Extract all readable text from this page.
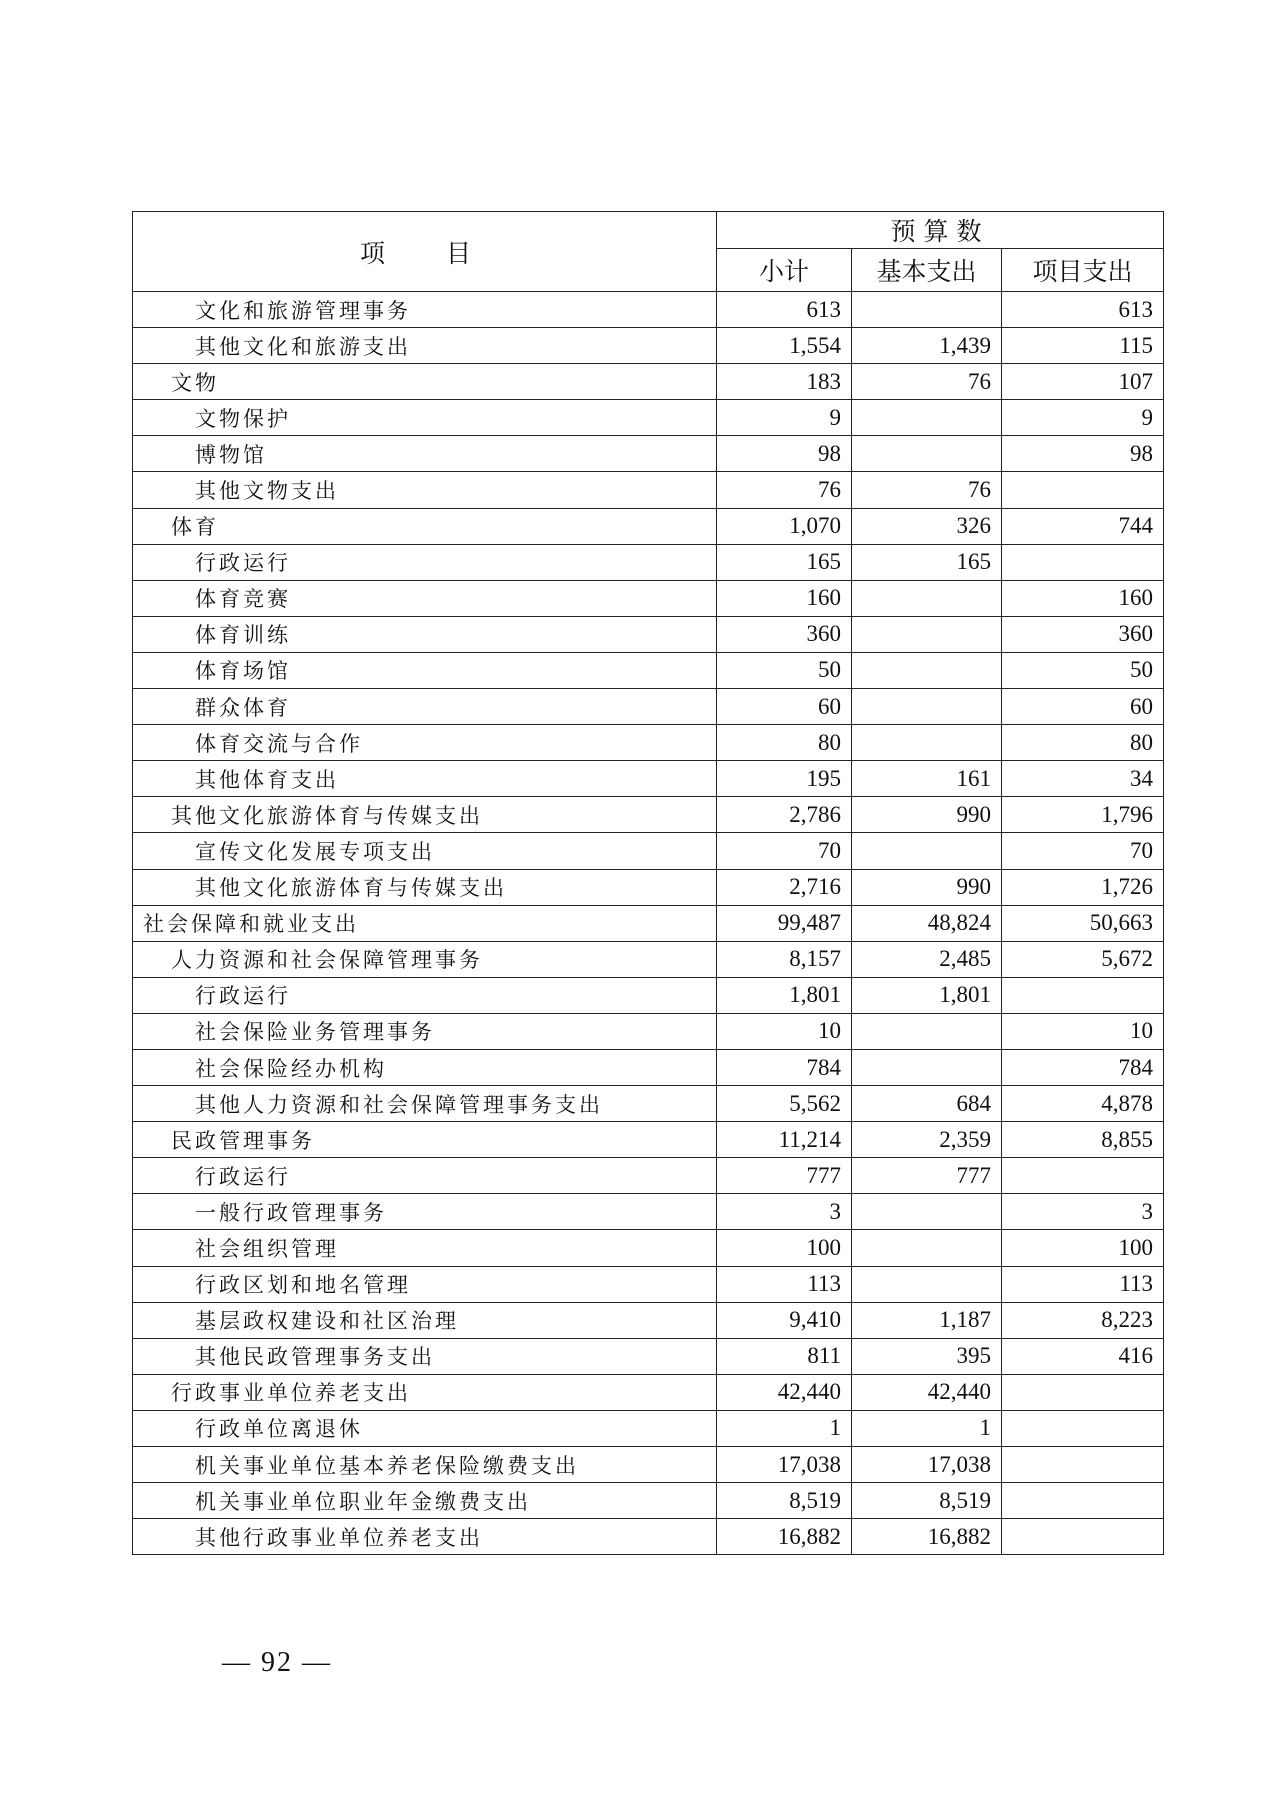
项　目	预算数		
	小计	基本支出	项目支出
文化和旅游管理事务	613		613
其他文化和旅游支出	1,554	1,439	115
文物	183	76	107
文物保护	9		9
博物馆	98		98
其他文物支出	76	76	
体育	1,070	326	744
行政运行	165	165	
体育竞赛	160		160
体育训练	360		360
体育场馆	50		50
群众体育	60		60
体育交流与合作	80		80
其他体育支出	195	161	34
其他文化旅游体育与传媒支出	2,786	990	1,796
宣传文化发展专项支出	70		70
其他文化旅游体育与传媒支出	2,716	990	1,726
社会保障和就业支出	99,487	48,824	50,663
人力资源和社会保障管理事务	8,157	2,485	5,672
行政运行	1,801	1,801	
社会保险业务管理事务	10		10
社会保险经办机构	784		784
其他人力资源和社会保障管理事务支出	5,562	684	4,878
民政管理事务	11,214	2,359	8,855
行政运行	777	777	
一般行政管理事务	3		3
社会组织管理	100		100
行政区划和地名管理	113		113
基层政权建设和社区治理	9,410	1,187	8,223
其他民政管理事务支出	811	395	416
行政事业单位养老支出	42,440	42,440	
行政单位离退休	1	1	
机关事业单位基本养老保险缴费支出	17,038	17,038	
机关事业单位职业年金缴费支出	8,519	8,519	
其他行政事业单位养老支出	16,882	16,882	
— 92 —
